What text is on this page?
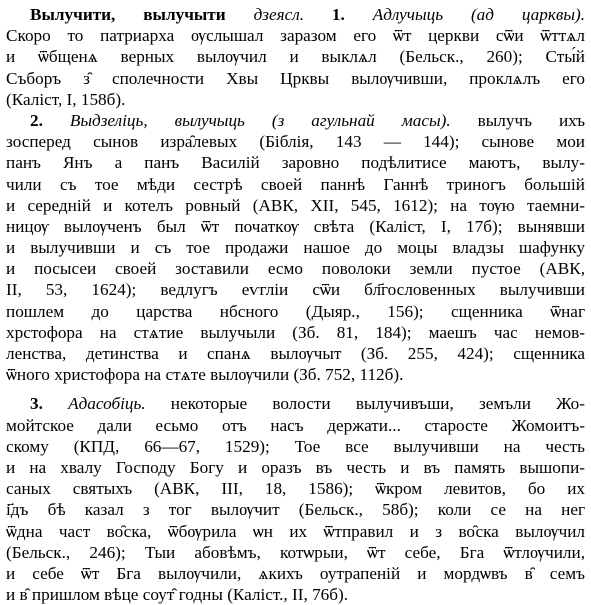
Вылучити, вылучыти дзеясл. 1. Адлучыць (ад царквы).
Скоро то патриарха ѹслышал заразом его ѿт церкви сѿи ѿттѧл
и ѿбщенѧ верных вылѹчил и выклѧл (Бельск., 260); Сты́й
Съборъ з̑ сполечности Хвы Црквы вылѹчивши, проклѧлъ его
(Каліст, І, 158б).
2. Выдзеліць, вылучыць (з агульнай масы). вылучъ ихъ
зосперед сынов изра̑левых (Біблія, 143 — 144); сынове мои
панъ Янъ а панъ Василій заровно подѣлитисе маютъ, вылу-
чили съ тое мѣди сестрѣ своей паннѣ Ганнѣ триногъ большій
и середній и котелъ ровный (АВК, XII, 545, 1612); на тѹю таемни-
ницѹ вылѹченъ был ѿт початкѹ свѣта (Каліст, І, 17б); вынявши
и вылучивши и съ тое продажи нашое до моцы владзы шафунку
и посысеи своей зоставили есмо поволоки земли пустое (АВК,
ІІ, 53, 1624); ведлугъ еѵгліи сѿи бл҃гословенных вылучивши
пошлем до царства нбсного (Дыяр., 156); сщенника ѿнаг
хрстофора на стѧтие вылучыли (Зб. 81, 184); маешъ час немов-
ленства, детинства и спанѧ вылѹчыт (Зб. 255, 424); сщенника
ѿного христофора на стѧте вылѹчили (Зб. 752, 112б).
3. Адасобіць. некоторые волости вылучивъши, земъли Жо-
мойтское дали есьмо отъ насъ держати... старосте Жомоитъ-
скому (КПД, 66—67, 1529); Тое все вылучивши на честь
и на хвалу Господу Богу и оразъ въ честь и въ память вышопи-
саных святыхъ (АВК, ІІІ, 18, 1586); ѿкром левитов, бо их
і҃дъ бѣ казал з тог вылѹчит (Бельск., 58б); коли се на нег
ѿдна част во̑ска, ѿбѹрила ѡн их ѿтправил и з во̑ска вылѹчил
(Бельск., 246); Тыи абовѣмъ, котѡрыи, ѿт себе, Бга ѿтлѹчили,
и себе ѿт Бга вылѹчили, ѧкихъ оутрапеній и мордѡвъ в̑ семъ
и в̑ пришлом вѣце соут̑ годны (Каліст., ІІ, 76б).
